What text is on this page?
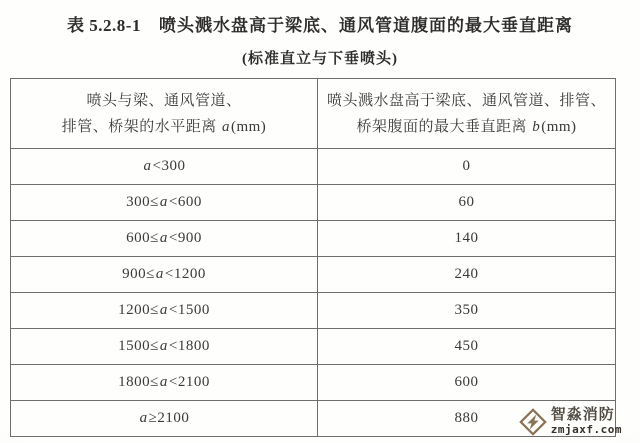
表 5.2.8-1 喷头溅水盘高于梁底、通风管道腹面的最大垂直距离
(标准直立与下垂喷头)
喷头与梁、通风管道、
排管、桥架的水平距离 a(mm)	喷头溅水盘高于梁底、通风管道、排管、
桥架腹面的最大垂直距离 b(mm)

a<300	0
300≤a<600	60
600≤a<900	140
900≤a<1200	240
1200≤a<1500	350
1500≤a<1800	450
1800≤a<2100	600
a≥2100	880	智淼消防
zmjaxf.com
